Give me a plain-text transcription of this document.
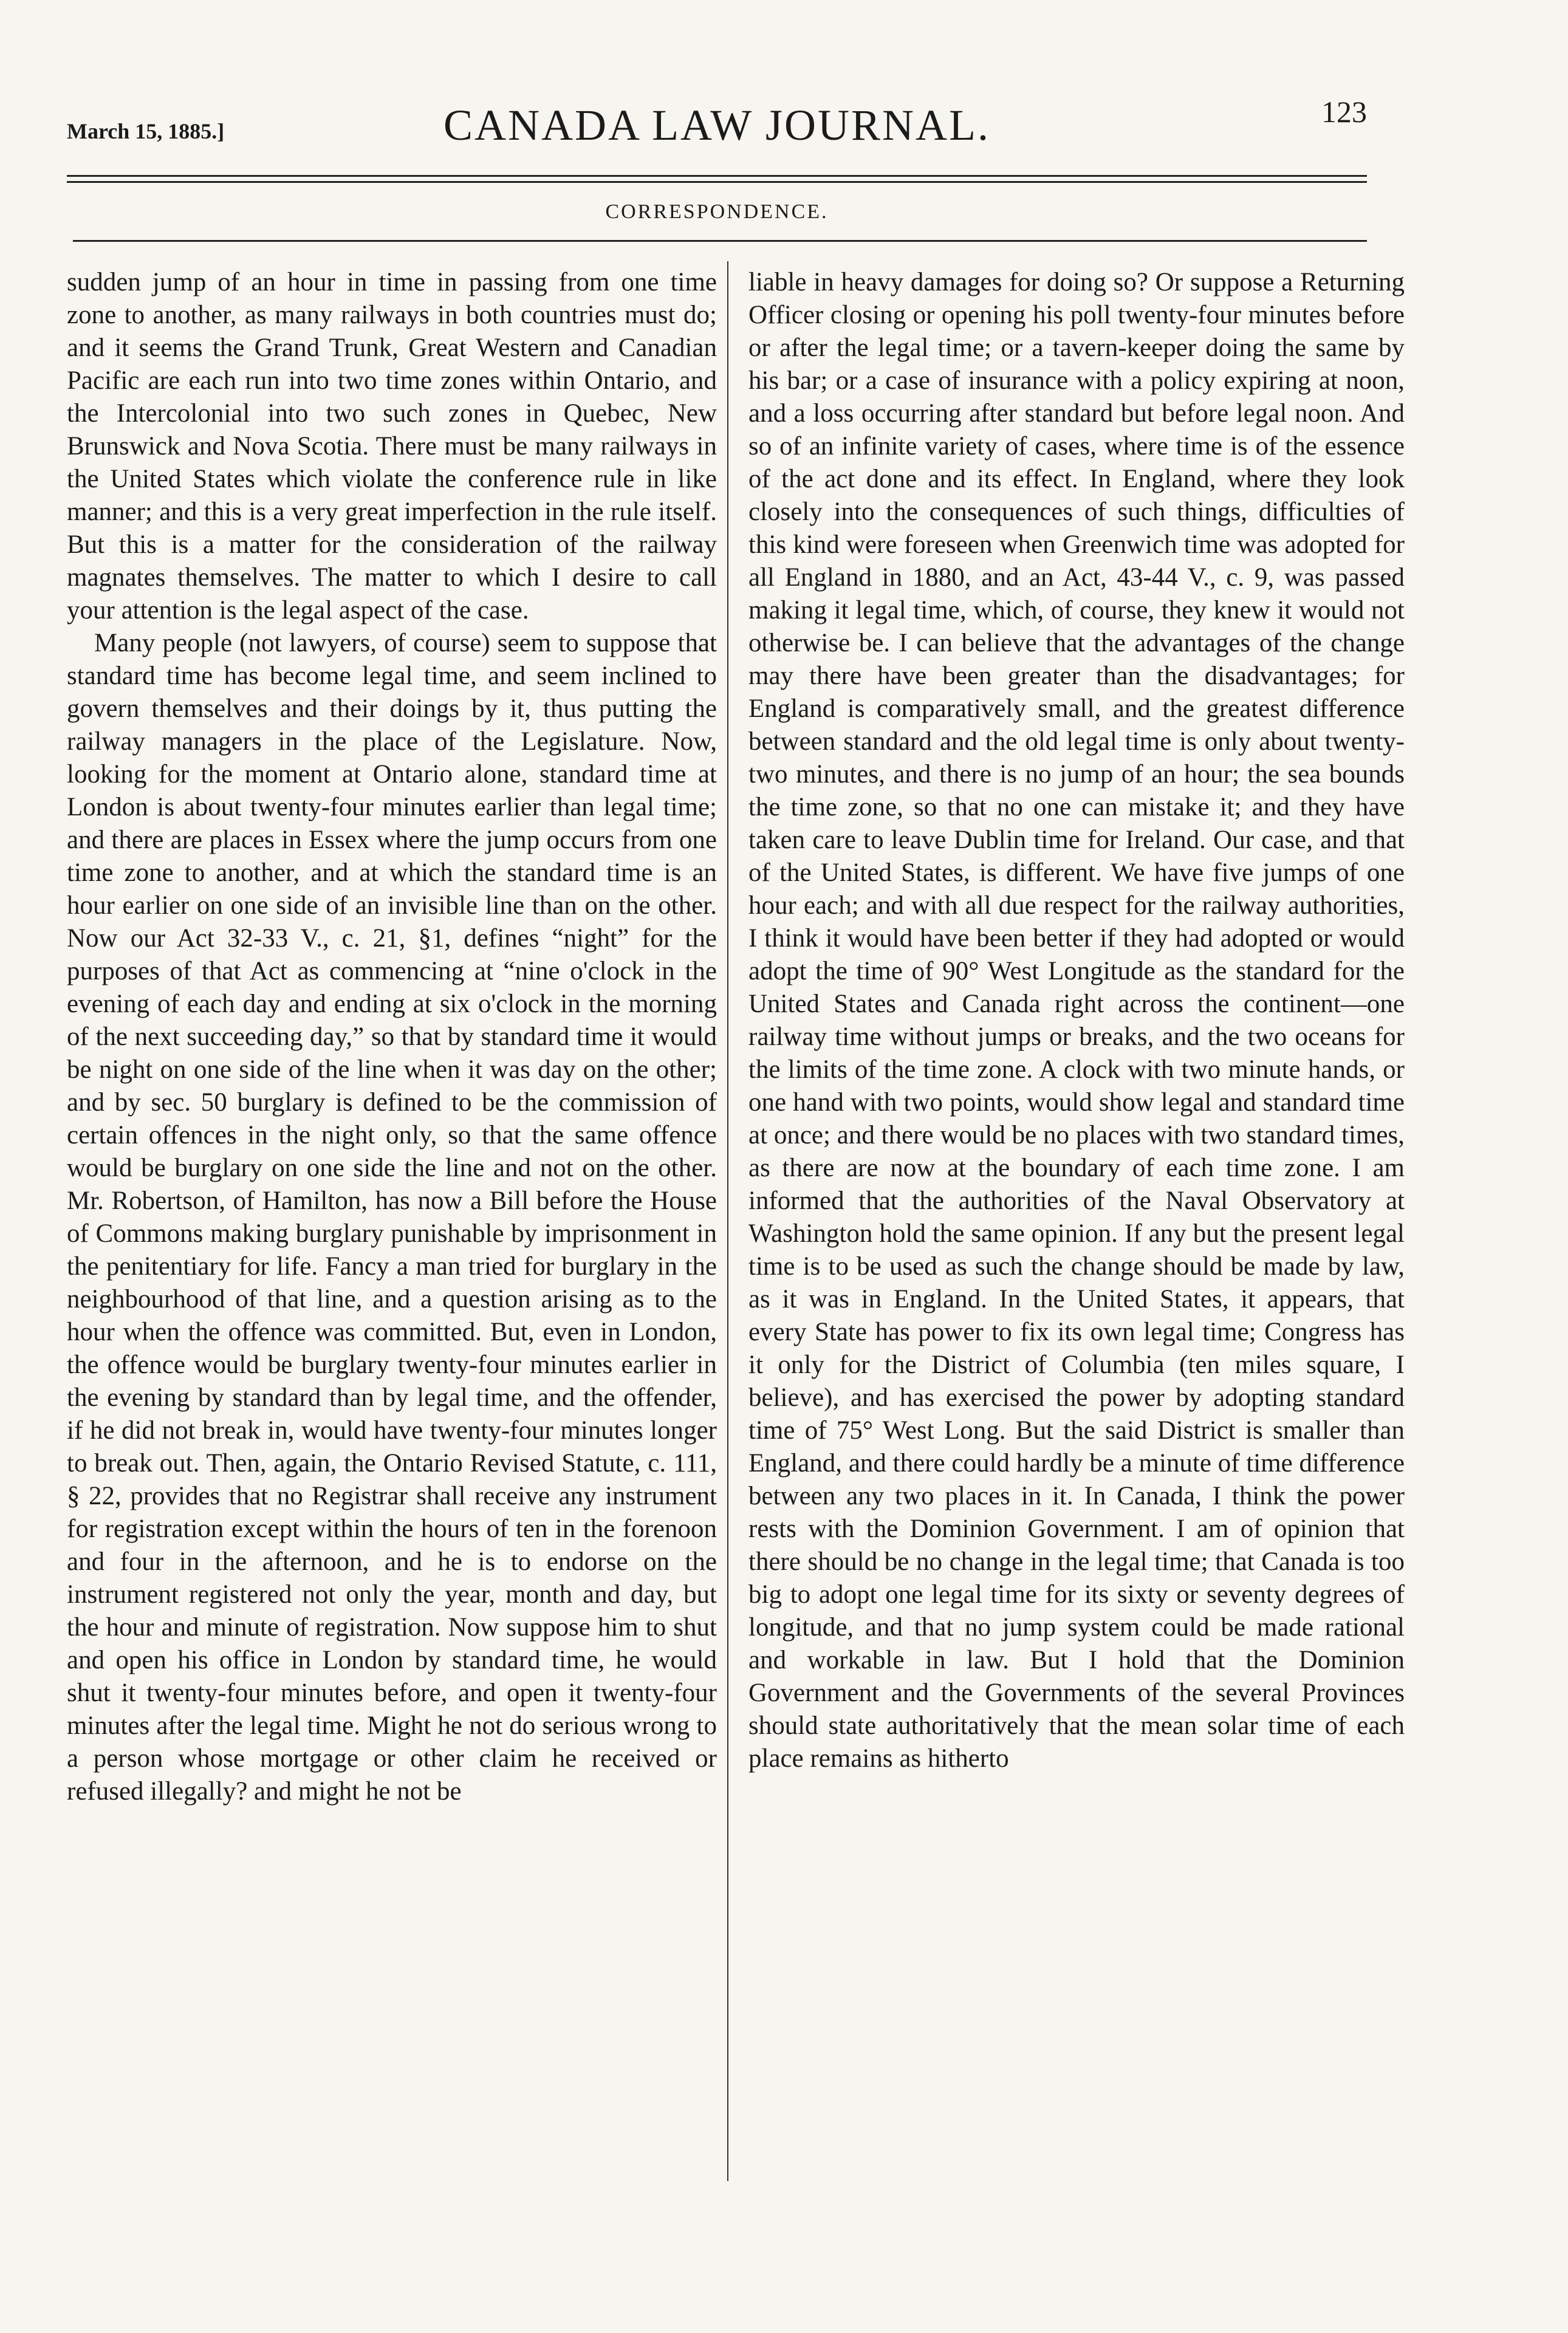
March 15, 1885.]	CANADA LAW JOURNAL.	123
CORRESPONDENCE.

sudden jump of an hour in time in passing from one time zone to another, as many railways in both countries must do; and it seems the Grand Trunk, Great Western and Canadian Pacific are each run into two time zones within Ontario, and the Intercolonial into two such zones in Quebec, New Brunswick and Nova Scotia. There must be many railways in the United States which violate the conference rule in like manner; and this is a very great imperfection in the rule itself. But this is a matter for the consideration of the railway magnates themselves. The matter to which I desire to call your attention is the legal aspect of the case.

Many people (not lawyers, of course) seem to suppose that standard time has become legal time, and seem inclined to govern themselves and their doings by it, thus putting the railway managers in the place of the Legislature. Now, looking for the moment at Ontario alone, standard time at London is about twenty-four minutes earlier than legal time; and there are places in Essex where the jump occurs from one time zone to another, and at which the standard time is an hour earlier on one side of an invisible line than on the other. Now our Act 32-33 V., c. 21, §1, defines “night” for the purposes of that Act as commencing at “nine o'clock in the evening of each day and ending at six o'clock in the morning of the next succeeding day,” so that by standard time it would be night on one side of the line when it was day on the other; and by sec. 50 burglary is defined to be the commission of certain offences in the night only, so that the same offence would be burglary on one side the line and not on the other. Mr. Robertson, of Hamilton, has now a Bill before the House of Commons making burglary punishable by imprisonment in the penitentiary for life. Fancy a man tried for burglary in the neighbourhood of that line, and a question arising as to the hour when the offence was committed. But, even in London, the offence would be burglary twenty-four minutes earlier in the evening by standard than by legal time, and the offender, if he did not break in, would have twenty-four minutes longer to break out. Then, again, the Ontario Revised Statute, c. 111, § 22, provides that no Registrar shall receive any instrument for registration except within the hours of ten in the forenoon and four in the afternoon, and he is to endorse on the instrument registered not only the year, month and day, but the hour and minute of registration. Now suppose him to shut and open his office in London by standard time, he would shut it twenty-four minutes before, and open it twenty-four minutes after the legal time. Might he not do serious wrong to a person whose mortgage or other claim he received or refused illegally? and might he not be

liable in heavy damages for doing so? Or suppose a Returning Officer closing or opening his poll twenty-four minutes before or after the legal time; or a tavern-keeper doing the same by his bar; or a case of insurance with a policy expiring at noon, and a loss occurring after standard but before legal noon. And so of an infinite variety of cases, where time is of the essence of the act done and its effect. In England, where they look closely into the consequences of such things, difficulties of this kind were foreseen when Greenwich time was adopted for all England in 1880, and an Act, 43-44 V., c. 9, was passed making it legal time, which, of course, they knew it would not otherwise be. I can believe that the advantages of the change may there have been greater than the disadvantages; for England is comparatively small, and the greatest difference between standard and the old legal time is only about twenty-two minutes, and there is no jump of an hour; the sea bounds the time zone, so that no one can mistake it; and they have taken care to leave Dublin time for Ireland. Our case, and that of the United States, is different. We have five jumps of one hour each; and with all due respect for the railway authorities, I think it would have been better if they had adopted or would adopt the time of 90° West Longitude as the standard for the United States and Canada right across the continent—one railway time without jumps or breaks, and the two oceans for the limits of the time zone. A clock with two minute hands, or one hand with two points, would show legal and standard time at once; and there would be no places with two standard times, as there are now at the boundary of each time zone. I am informed that the authorities of the Naval Observatory at Washington hold the same opinion. If any but the present legal time is to be used as such the change should be made by law, as it was in England. In the United States, it appears, that every State has power to fix its own legal time; Congress has it only for the District of Columbia (ten miles square, I believe), and has exercised the power by adopting standard time of 75° West Long. But the said District is smaller than England, and there could hardly be a minute of time difference between any two places in it. In Canada, I think the power rests with the Dominion Government. I am of opinion that there should be no change in the legal time; that Canada is too big to adopt one legal time for its sixty or seventy degrees of longitude, and that no jump system could be made rational and workable in law. But I hold that the Dominion Government and the Governments of the several Provinces should state authoritatively that the mean solar time of each place remains as hitherto
